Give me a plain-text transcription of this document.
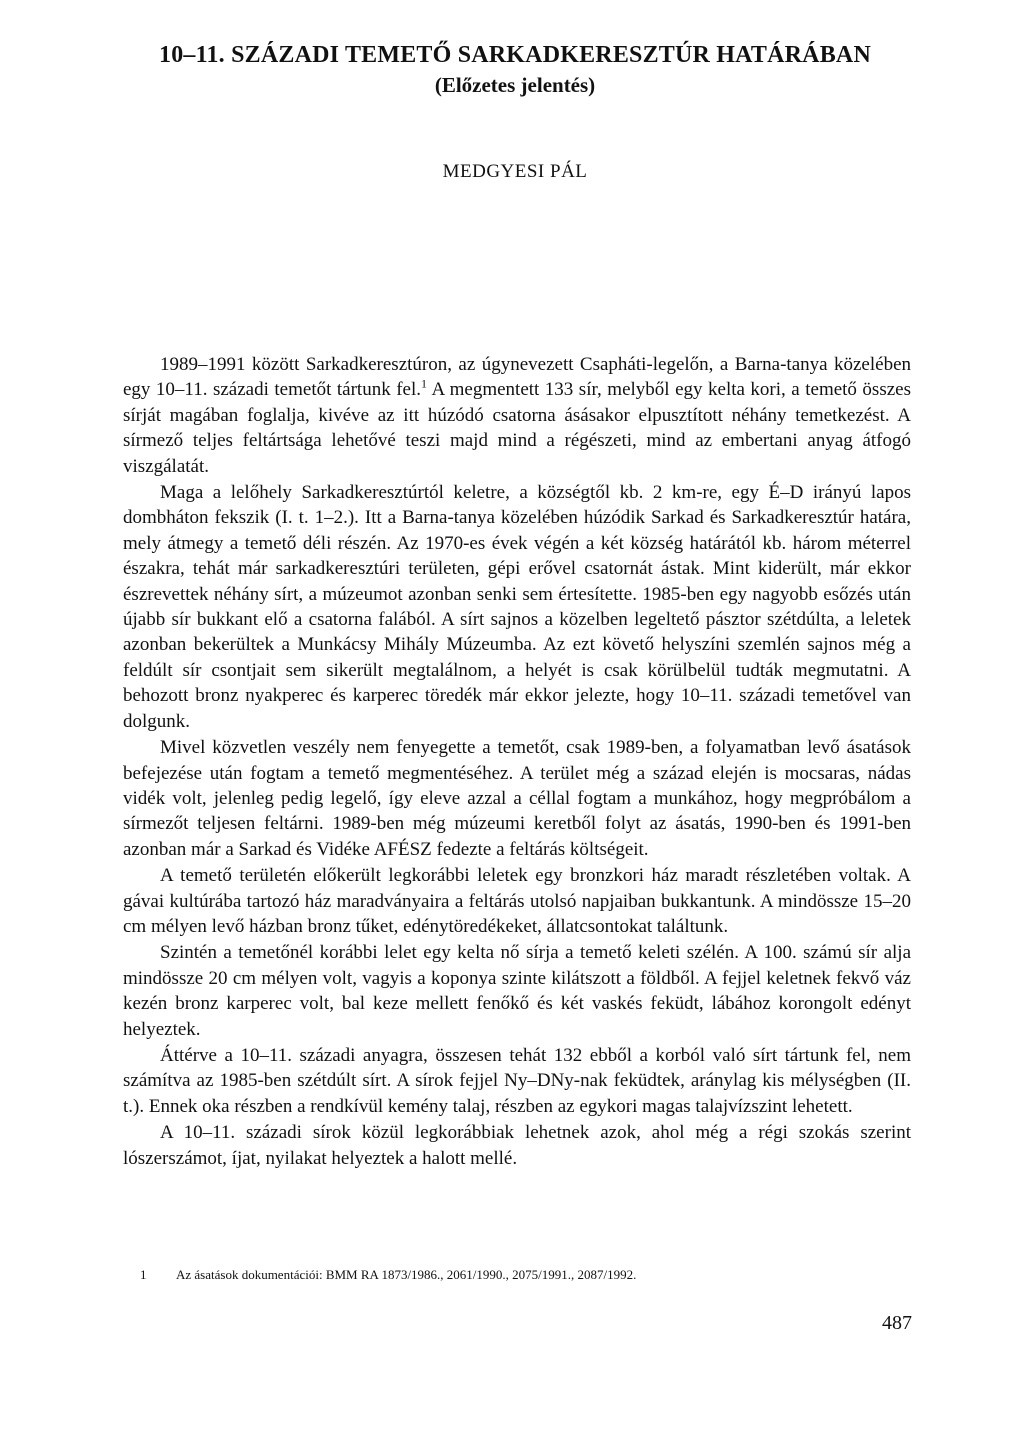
10–11. SZÁZADI TEMETŐ SARKADKERESZTÚR HATÁRÁBAN
(Előzetes jelentés)
MEDGYESI PÁL

1989–1991 között Sarkadkeresztúron, az úgynevezett Csapháti-legelőn, a Barna-tanya közelében egy 10–11. századi temetőt tártunk fel.$^1$ A megmentett 133 sír, melyből egy kelta kori, a temető összes sírját magában foglalja, kivéve az itt húzódó csatorna ásásakor elpusztított néhány temetkezést. A sírmező teljes feltártsága lehetővé teszi majd mind a régészeti, mind az embertani anyag átfogó viszgálatát.

Maga a lelőhely Sarkadkeresztúrtól keletre, a községtől kb. 2 km-re, egy É–D irányú lapos dombháton fekszik (I. t. 1–2.). Itt a Barna-tanya közelében húzódik Sarkad és Sarkadkeresztúr határa, mely átmegy a temető déli részén. Az 1970-es évek végén a két község határától kb. három méterrel északra, tehát már sarkadkeresztúri területen, gépi erővel csatornát ástak. Mint kiderült, már ekkor észrevettek néhány sírt, a múzeumot azonban senki sem értesítette. 1985-ben egy nagyobb esőzés után újabb sír bukkant elő a csatorna falából. A sírt sajnos a közelben legeltető pásztor szétdúlta, a leletek azonban bekerültek a Munkácsy Mihály Múzeumba. Az ezt követő helyszíni szemlén sajnos még a feldúlt sír csontjait sem sikerült megtalálnom, a helyét is csak körülbelül tudták megmutatni. A behozott bronz nyakperec és karperec töredék már ekkor jelezte, hogy 10–11. századi temetővel van dolgunk.

Mivel közvetlen veszély nem fenyegette a temetőt, csak 1989-ben, a folyamatban levő ásatások befejezése után fogtam a temető megmentéséhez. A terület még a század elején is mocsaras, nádas vidék volt, jelenleg pedig legelő, így eleve azzal a céllal fogtam a munkához, hogy megpróbálom a sírmezőt teljesen feltárni. 1989-ben még múzeumi keretből folyt az ásatás, 1990-ben és 1991-ben azonban már a Sarkad és Vidéke AFÉSZ fedezte a feltárás költségeit.

A temető területén előkerült legkorábbi leletek egy bronzkori ház maradt részletében voltak. A gávai kultúrába tartozó ház maradványaira a feltárás utolsó napjaiban bukkantunk. A mindössze 15–20 cm mélyen levő házban bronz tűket, edénytöredékeket, állatcsontokat találtunk.

Szintén a temetőnél korábbi lelet egy kelta nő sírja a temető keleti szélén. A 100. számú sír alja mindössze 20 cm mélyen volt, vagyis a koponya szinte kilátszott a földből. A fejjel keletnek fekvő váz kezén bronz karperec volt, bal keze mellett fenőkő és két vaskés feküdt, lábához korongolt edényt helyeztek.

Áttérve a 10–11. századi anyagra, összesen tehát 132 ebből a korból való sírt tártunk fel, nem számítva az 1985-ben szétdúlt sírt. A sírok fejjel Ny–DNy-nak feküdtek, aránylag kis mélységben (II. t.). Ennek oka részben a rendkívül kemény talaj, részben az egykori magas talajvízszint lehetett.

A 10–11. századi sírok közül legkorábbiak lehetnek azok, ahol még a régi szokás szerint lószerszámot, íjat, nyilakat helyeztek a halott mellé.

1 Az ásatások dokumentációi: BMM RA 1873/1986., 2061/1990., 2075/1991., 2087/1992.
487
